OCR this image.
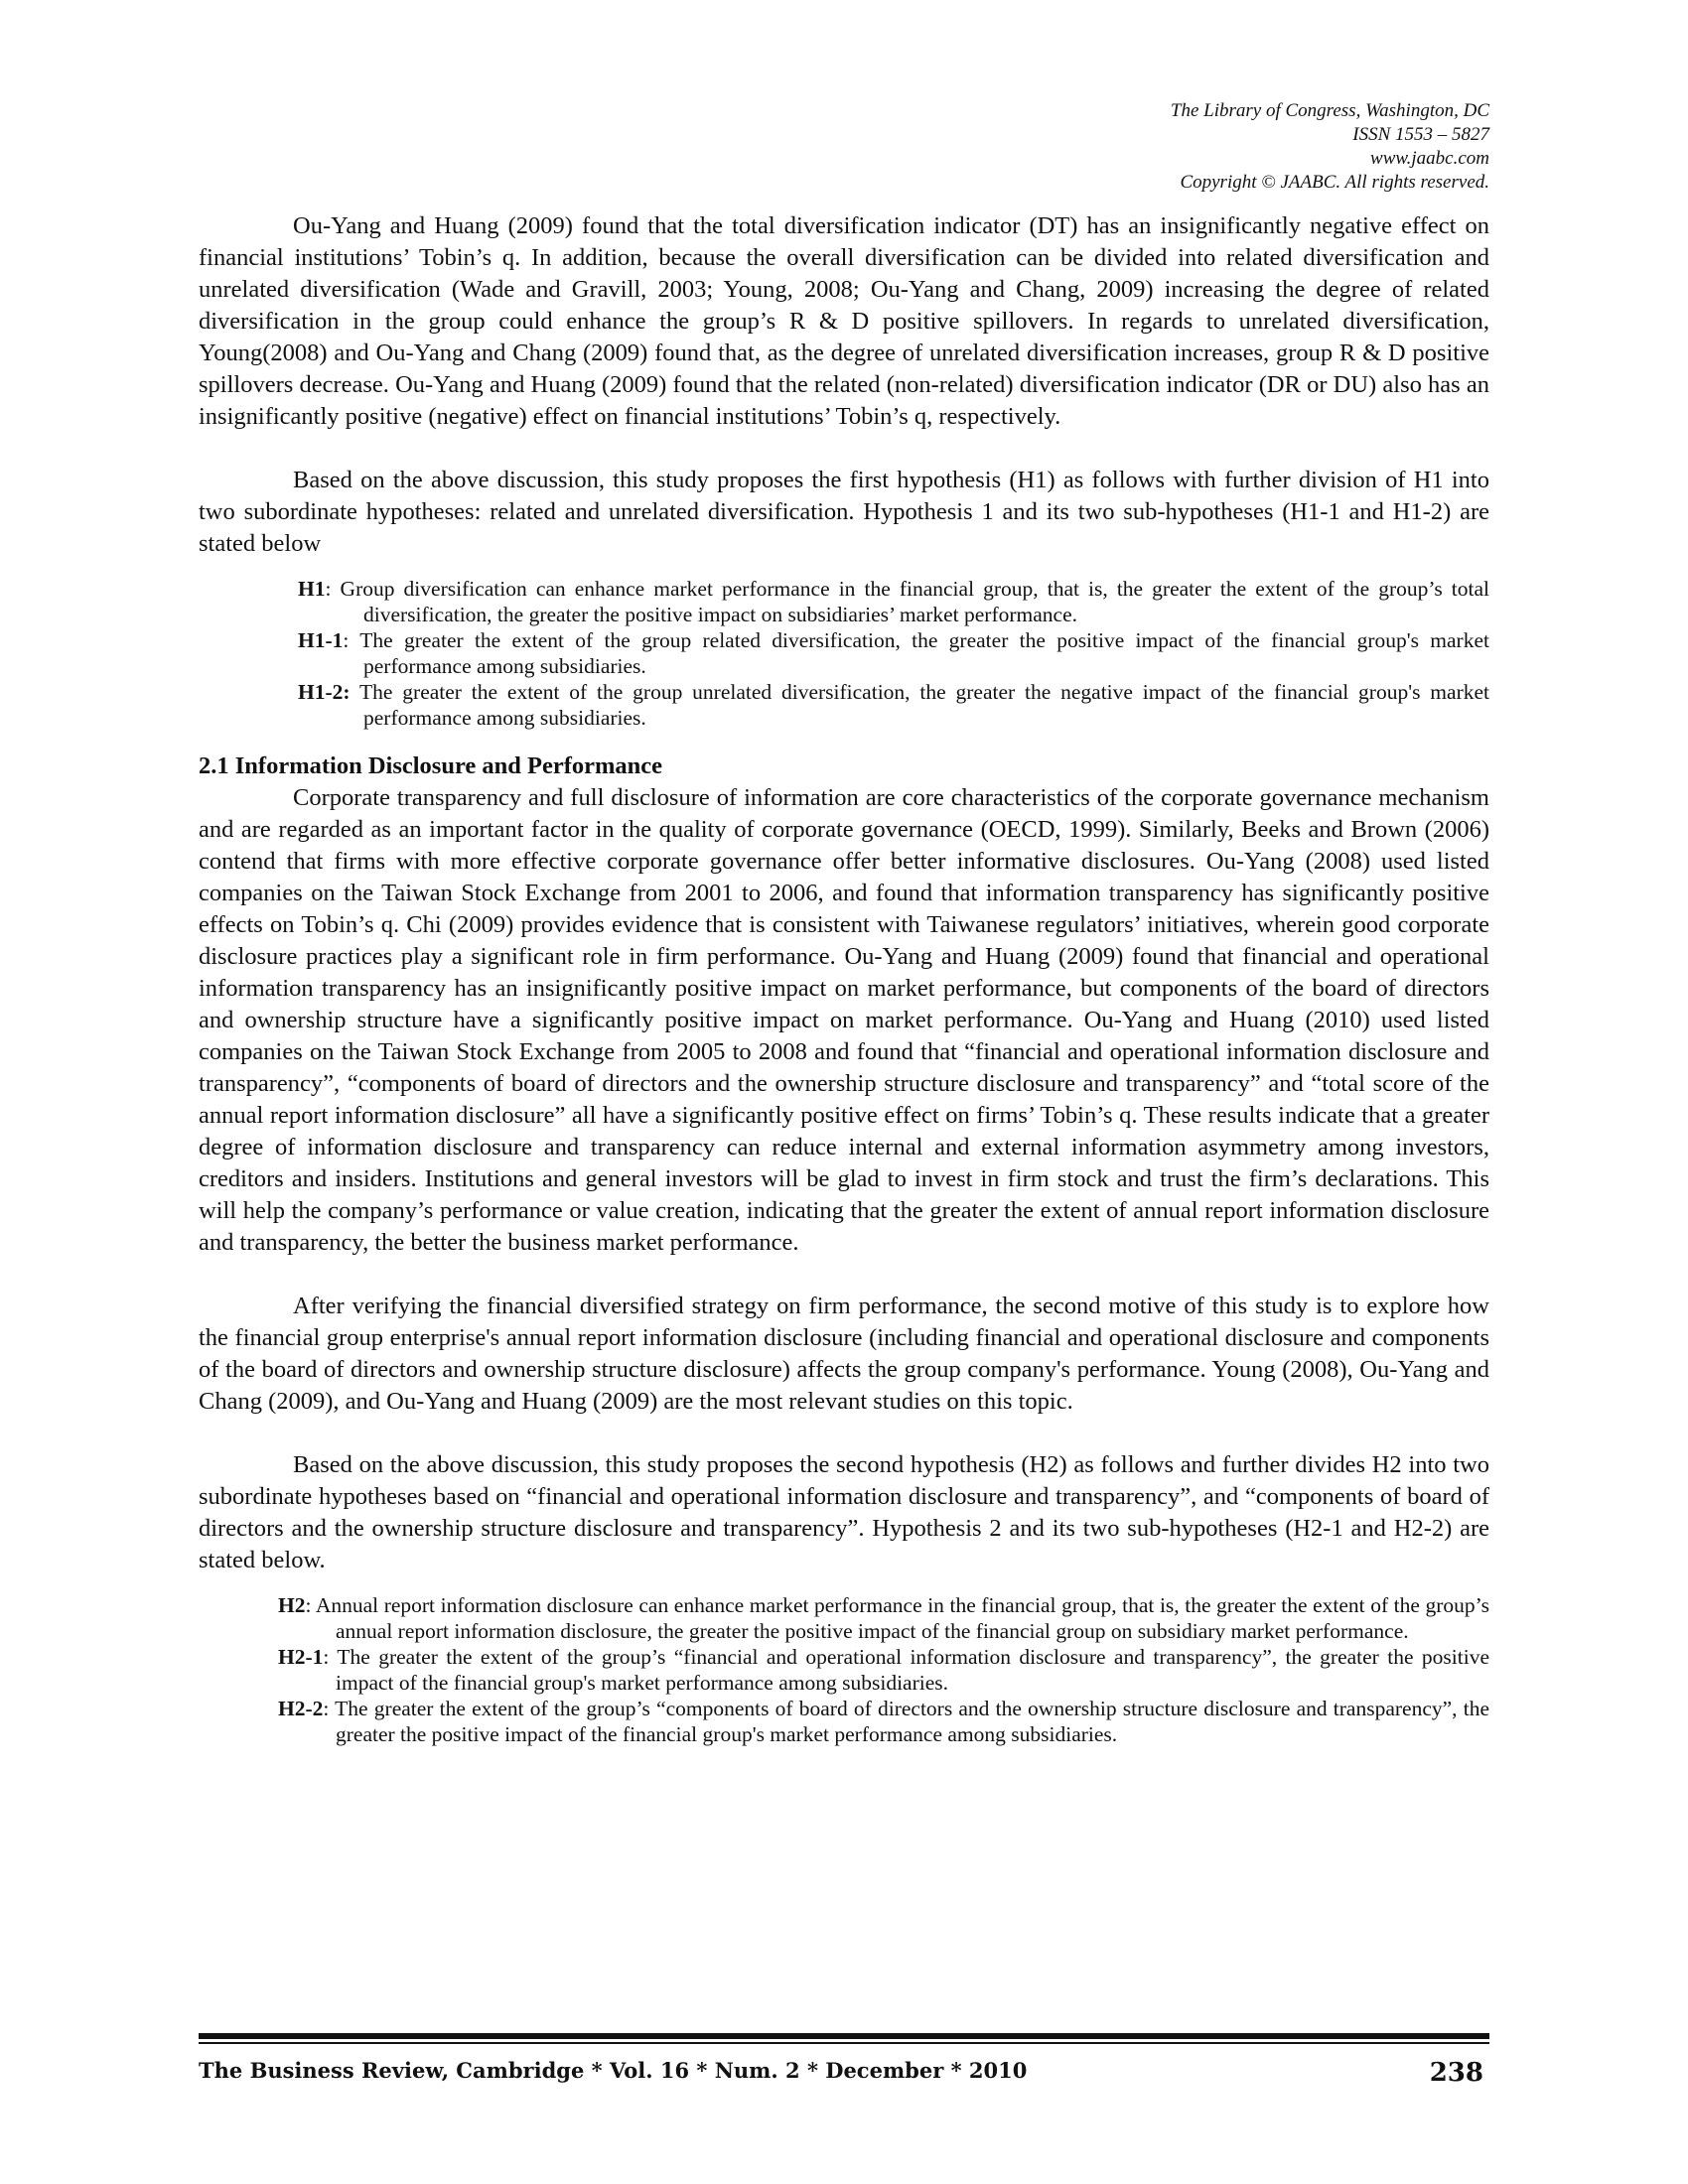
The Library of Congress, Washington, DC
ISSN 1553 – 5827
www.jaabc.com
Copyright © JAABC. All rights reserved.

Ou-Yang and Huang (2009) found that the total diversification indicator (DT) has an insignificantly negative effect on financial institutions’ Tobin’s q. In addition, because the overall diversification can be divided into related diversification and unrelated diversification (Wade and Gravill, 2003; Young, 2008; Ou-Yang and Chang, 2009) increasing the degree of related diversification in the group could enhance the group’s R & D positive spillovers. In regards to unrelated diversification, Young(2008) and Ou-Yang and Chang (2009) found that, as the degree of unrelated diversification increases, group R & D positive spillovers decrease. Ou-Yang and Huang (2009) found that the related (non-related) diversification indicator (DR or DU) also has an insignificantly positive (negative) effect on financial institutions’ Tobin’s q, respectively.

Based on the above discussion, this study proposes the first hypothesis (H1) as follows with further division of H1 into two subordinate hypotheses: related and unrelated diversification. Hypothesis 1 and its two sub-hypotheses (H1-1 and H1-2) are stated below

H1: Group diversification can enhance market performance in the financial group, that is, the greater the extent of the group’s total diversification, the greater the positive impact on subsidiaries’ market performance.
H1-1: The greater the extent of the group related diversification, the greater the positive impact of the financial group's market performance among subsidiaries.
H1-2: The greater the extent of the group unrelated diversification, the greater the negative impact of the financial group's market performance among subsidiaries.
2.1 Information Disclosure and Performance

Corporate transparency and full disclosure of information are core characteristics of the corporate governance mechanism and are regarded as an important factor in the quality of corporate governance (OECD, 1999). Similarly, Beeks and Brown (2006) contend that firms with more effective corporate governance offer better informative disclosures. Ou-Yang (2008) used listed companies on the Taiwan Stock Exchange from 2001 to 2006, and found that information transparency has significantly positive effects on Tobin’s q. Chi (2009) provides evidence that is consistent with Taiwanese regulators’ initiatives, wherein good corporate disclosure practices play a significant role in firm performance. Ou-Yang and Huang (2009) found that financial and operational information transparency has an insignificantly positive impact on market performance, but components of the board of directors and ownership structure have a significantly positive impact on market performance. Ou-Yang and Huang (2010) used listed companies on the Taiwan Stock Exchange from 2005 to 2008 and found that “financial and operational information disclosure and transparency”, “components of board of directors and the ownership structure disclosure and transparency” and “total score of the annual report information disclosure” all have a significantly positive effect on firms’ Tobin’s q. These results indicate that a greater degree of information disclosure and transparency can reduce internal and external information asymmetry among investors, creditors and insiders. Institutions and general investors will be glad to invest in firm stock and trust the firm’s declarations. This will help the company’s performance or value creation, indicating that the greater the extent of annual report information disclosure and transparency, the better the business market performance.

After verifying the financial diversified strategy on firm performance, the second motive of this study is to explore how the financial group enterprise's annual report information disclosure (including financial and operational disclosure and components of the board of directors and ownership structure disclosure) affects the group company's performance. Young (2008), Ou-Yang and Chang (2009), and Ou-Yang and Huang (2009) are the most relevant studies on this topic.

Based on the above discussion, this study proposes the second hypothesis (H2) as follows and further divides H2 into two subordinate hypotheses based on “financial and operational information disclosure and transparency”, and “components of board of directors and the ownership structure disclosure and transparency”. Hypothesis 2 and its two sub-hypotheses (H2-1 and H2-2) are stated below.

H2: Annual report information disclosure can enhance market performance in the financial group, that is, the greater the extent of the group’s annual report information disclosure, the greater the positive impact of the financial group on subsidiary market performance.
H2-1: The greater the extent of the group’s “financial and operational information disclosure and transparency”, the greater the positive impact of the financial group's market performance among subsidiaries.
H2-2: The greater the extent of the group’s “components of board of directors and the ownership structure disclosure and transparency”, the greater the positive impact of the financial group's market performance among subsidiaries.
The Business Review, Cambridge * Vol. 16 * Num. 2 * December * 2010	238
